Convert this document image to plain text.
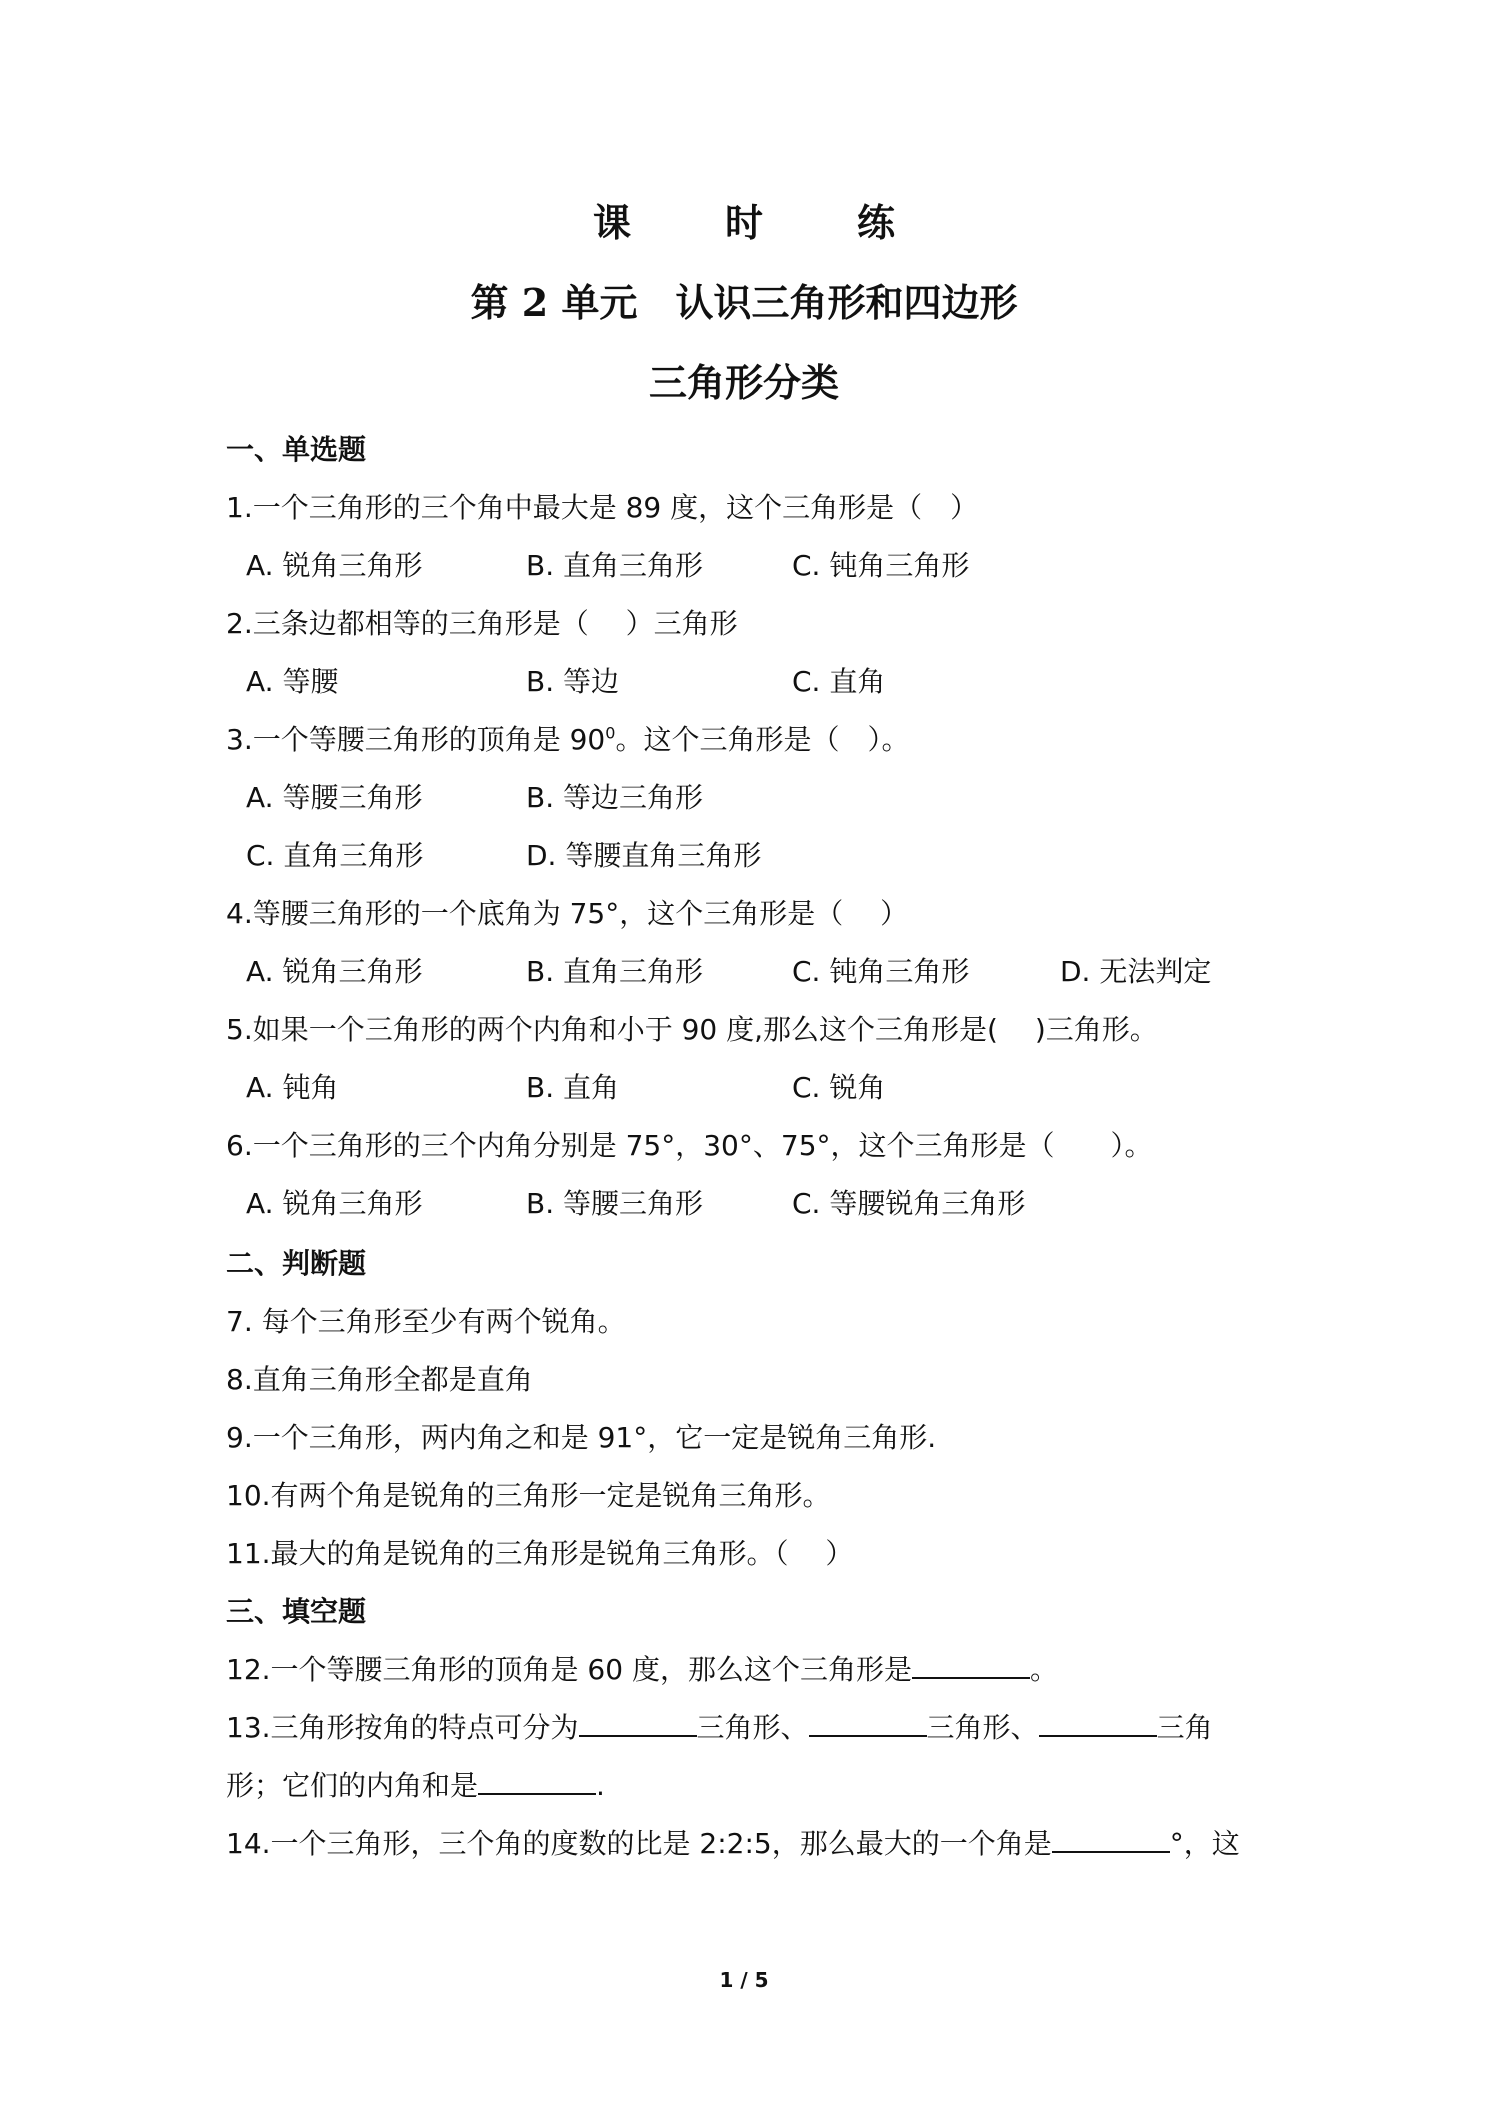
课　时　练
第 2 单元　认识三角形和四边形
三角形分类
一、单选题
1.一个三角形的三个角中最大是 89 度，这个三角形是（　）
A. 锐角三角形	B. 直角三角形	C. 钝角三角形
2.三条边都相等的三角形是（　 ）三角形
A. 等腰	B. 等边	C. 直角
3.一个等腰三角形的顶角是 $90^0$。这个三角形是（　）。
A. 等腰三角形	B. 等边三角形
C. 直角三角形	D. 等腰直角三角形
4.等腰三角形的一个底角为 75°，这个三角形是（　 ）
A. 锐角三角形	B. 直角三角形	C. 钝角三角形	D. 无法判定
5.如果一个三角形的两个内角和小于 90 度,那么这个三角形是(　 )三角形。
A. 钝角	B. 直角	C. 锐角
6.一个三角形的三个内角分别是 75°，30°、75°，这个三角形是（　　）。
A. 锐角三角形	B. 等腰三角形	C. 等腰锐角三角形
二、判断题
7. 每个三角形至少有两个锐角。
8.直角三角形全都是直角
9.一个三角形，两内角之和是 91°，它一定是锐角三角形.
10.有两个角是锐角的三角形一定是锐角三角形。
11.最大的角是锐角的三角形是锐角三角形。（　 ）
三、填空题
12.一个等腰三角形的顶角是 60 度，那么这个三角形是	。
13.三角形按角的特点可分为	三角形、	三角形、	三角
形；它们的内角和是	.
14.一个三角形，三个角的度数的比是 2:2:5，那么最大的一个角是	°，这
1 / 5
